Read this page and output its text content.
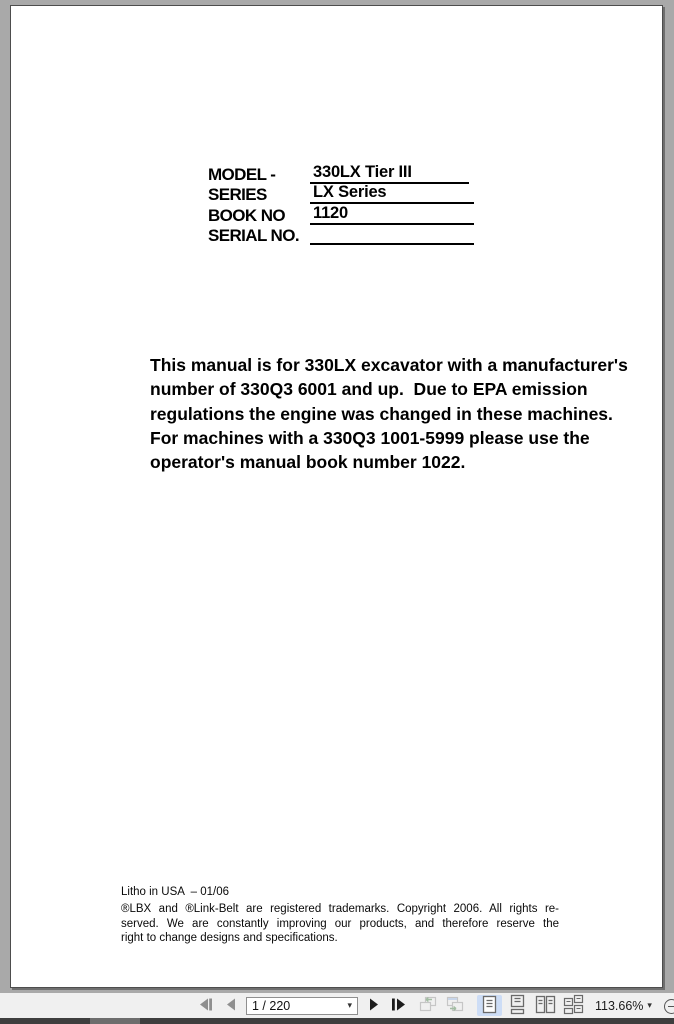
MODEL -	330LX Tier III
SERIES	LX Series
BOOK NO	1120
SERIAL NO.
This manual is for 330LX excavator with a manufacturer's
number of 330Q3 6001 and up.  Due to EPA emission
regulations the engine was changed in these machines.
For machines with a 330Q3 1001-5999 please use the
operator's manual book number 1022.
Litho in USA  – 01/06
®LBX and ®Link-Belt are registered trademarks. Copyright 2006. All rights re-
served. We are constantly improving our products, and therefore reserve the
right to change designs and specifications.
1 / 220	▾	113.66% ▾
